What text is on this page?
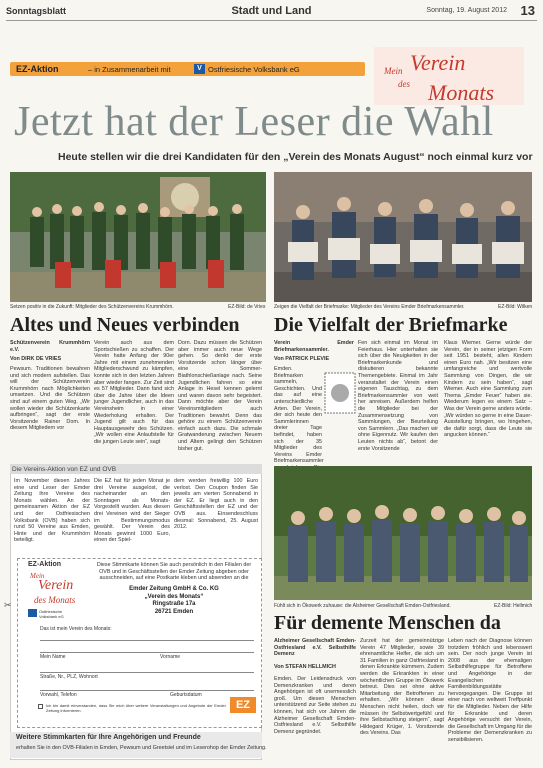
Sonntagsblatt	Stadt und Land	Sonntag, 19. August 2012 13
EZ-Aktion	– in Zusammenarbeit mit	V Ostfriesische Volksbank eG	Mein Verein
des Monats
Jetzt hat der Leser die Wahl
Heute stellen wir die drei Kandidaten für den „Verein des Monats August“ noch einmal kurz vor
Setzen positiv in die Zukunft: Mitglieder des Schützenvereins Krummhörn.	EZ-Bild: de Vries Zeigen die Vielfalt der Briefmarke: Mitglieder des Vereins Emder Briefmarkensammler.	EZ-Bild: Wilken
Altes und Neues verbinden
Schützenverein Krummhörn e.V.
Von DIRK DE VRIES
Pewsum. Traditionen bewahren und sich modern aufstellen. Das will der Schützenverein Krummhörn nach Möglichkeiten umsetzen. Und die Schützen sind auf einem guten Weg. „Wir wollen wieder die Schützenkarte aufbringen“, sagt der erste Vorsitzende Rainer Dom. In diesem Mitgliedern vor
Verein auch aus dem Sportschießen zu schaffen. Der Verein hatte Anfang der 90er Jahre mit einem zunehmenden Mitgliederschwund zu kämpfen, konnte sich in den letzten Jahren aber wieder fangen. Zur Zeit sind es 57 Mitglieder. Dann fand sich über die Jahre über die Ideen junger Jugendlicher, auch in das Vereinsheim in einer Wiederholung erhalten. Der Jugend gilt auch für das Hauptausgewehr des Schützen. „Wir wollen eine Anlaufstelle für die jungen Leute sein“, sagt
Dorn. Dazu müssen die Schützen aber immer auch neue Wege gehen. So denkt der erste Vorsitzende schon länger über eine Sommer-Biathlonschießanlage nach. Seine Jugendlichen fahren so eine Anlage in Hesel kennen gelernt und waren davon sehr begeistert. Dann möchte aber der Verein Vereinsmitgliedern auch Traditionen bewahrt. Denn das gehöre zu einem Schützenverein einfach auch dazu. Die schmale Gratwanderung zwischen Neuem und Altem gelingt den Schützen bisher gut.
Die Vielfalt der Briefmarke
Verein Emder Briefmarkensammler.
Von PATRICK PLEVIE
Emden. Briefmarken sammeln, Geschichten. Und das auf eine unterschiedliche Arten. Der Verein, der sich heute den Sammlerinnen dreier Tage befindet, haben sich der 35 Mitglieder des Vereins Emder Briefmarkensammler
Fen sich einmal im Monat im Feierhaus. Hier unterhalten sie sich über die Neuigkeiten in der Briefmarkenkunde und diskutieren bekannte Themengebiete. Einmal im Jahr veranstaltet der Verein einen eigenen Tauschtag, zu dem Briefmarkensammler von weit her anreisen. Außerdem helfen die Mitglieder bei der Zusammensetzung von Sammlungen, der Beurteilung von Sammlern. „Das machen wir ohne Eigennutz. Wir kaufen den Leuten nichts ab“, betont der erste Vorsitzende
Klaus Wiemer. Gerne würde der Verein, der in seiner jetzigen Form seit 1951 besteht, allen Kindern einen Euro nah. „Wir besitzen eine umfangreiche und wertvolle Sammlung von Dingen, die wir Kindern zu sein haben“, sagt Wiemer. Auch eine Sammlung zum Thema „Emder Feuer“ haben sie. Wiederum legen es einem Satz – Was der Verein gerne anders würde. „Wir würden so gerne in eine Dauer-Ausstellung bringen, wo hingehen, die dafür sorgt, dass die Leute sie angucken können.“
Die Vereins-Aktion von EZ und OVB
Im November diesen Jahres eine und Leser der Emder Zeitung ihre Vereine des Monats wählen. An der gemeinsamen Aktion der EZ und der Ostfriesischen Volksbank (OVB) haben sich rund 50 Vereine aus Emden, Hinte und der Krummhörn beteiligt.
Die EZ hat für jeden Monat je drei Vereine ausgelost, die nacheinander an den Sonntagen als Monats-Vorgestellt wurden. Aus diesen drei Vereinen wird der Sieger im Bestimmungsmodus gewählt. Der Verein des Monats gewinnt 1000 Euro, einen der Spiel-
dem werden freiwillig 100 Euro verlost. Den Coupon finden Sie jeweils am vierten Sonnabend in der EZ. Er liegt auch in den Geschäftsstellen der EZ und der OVB aus. Einsendeschluss diesmal: Sonnabend, 25. August 2012.
✂
EZ-Aktion
Mein
Verein
des Monats
Ostfriesische Volksbank eG
Diese Stimmkarte können Sie auch persönlich in den Filialen der OVB und in Geschäftsstellen der Emder Zeitung abgeben oder ausschneiden, auf eine Postkarte kleben und absenden an die
Emder Zeitung GmbH & Co. KG
„Verein des Monats“
Ringstraße 17a
26721 Emden
Das ist mein Verein des Monats:
Mein Name	Vorname
Straße, Nr., PLZ, Wohnort
Vorwahl, Telefon	Geburtsdatum
Ich bin damit einverstanden, dass Sie mich über weitere Veranstaltungen und Angebote der Emder Zeitung informieren.	EZ
Weitere Stimmkarten für Ihre Angehörigen und Freunde
erhalten Sie in den OVB-Filialen in Emden, Pewsum und Greetsiel und im Leserohop der Emder Zeitung.
Fühlt sich in Ökowerk zuhause: die Alsheimer Gesellschaft Emden-Ostfriesland.	EZ-Bild: Hellmich
Für demente Menschen da
Alzheimer Gesellschaft Emden-Ostfriesland e.V. Selbsthilfe Demenz
Von STEFAN HELLMICH
Emden. Der Leidensdruck von Demenzkranken und deren Angehörigen ist oft unermesslich groß. Um diesen Menschen unterstützend zur Seite stehen zu können, hat sich vor Jahren die Alzheimer Gesellschaft Emden-Ostfriesland e.V. Selbsthilfe Demenz gegründet.
Zurzeit hat der gemeinnützige Verein 47 Mitglieder, sowie 39 ehrenamtliche Helfer, die sich um 31 Familien in ganz Ostfriesland in denen Erkrankte kümmern. Zudem werden die Erkrankten in einer wöchentlichen Gruppe im Ökowerk betreut. Dies sei ohne aktive Mitarbeitung der Betroffenen zu erhalten. „Wir können diese Menschen nicht heilen, doch wir müssen ihr Selbstwertgefühl und ihre Selbstachtung steigern“, sagt Hildegard Krüger, 1. Vorsitzende des Vereins. Das
Leben nach der Diagnose können trotzdem fröhlich und lebenswert sein. Der noch junge Verein ist 2008 aus der ehemaligen Selbsthilfegruppe für Betroffene und Angehörige in der Evangelischen Familienbildungsstätte hervorgegangen. Die Gruppe ist einer nach von weltweit Treffpunkt für die Mitglieder. Neben der Hilfe für Erkrankte und deren Angehörige versucht der Verein, die Gesellschaft im Umgang für die Probleme der Demenzkranken zu sensibilisieren.
